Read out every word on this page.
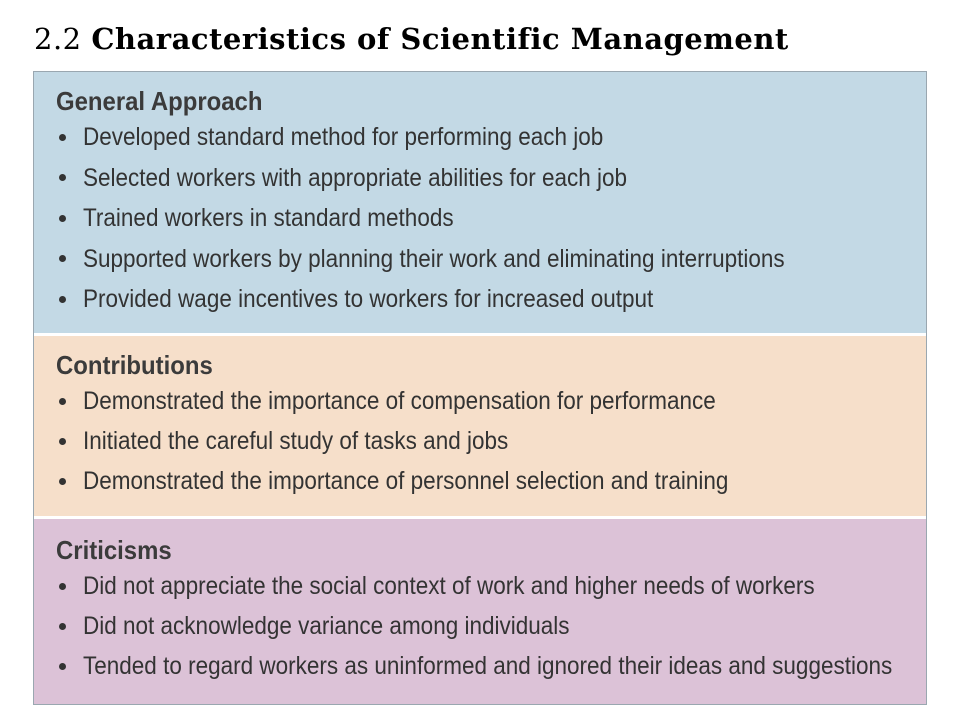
2.2 Characteristics of Scientific Management
General Approach
Developed standard method for performing each job
Selected workers with appropriate abilities for each job
Trained workers in standard methods
Supported workers by planning their work and eliminating interruptions
Provided wage incentives to workers for increased output
Contributions
Demonstrated the importance of compensation for performance
Initiated the careful study of tasks and jobs
Demonstrated the importance of personnel selection and training
Criticisms
Did not appreciate the social context of work and higher needs of workers
Did not acknowledge variance among individuals
Tended to regard workers as uninformed and ignored their ideas and suggestions
